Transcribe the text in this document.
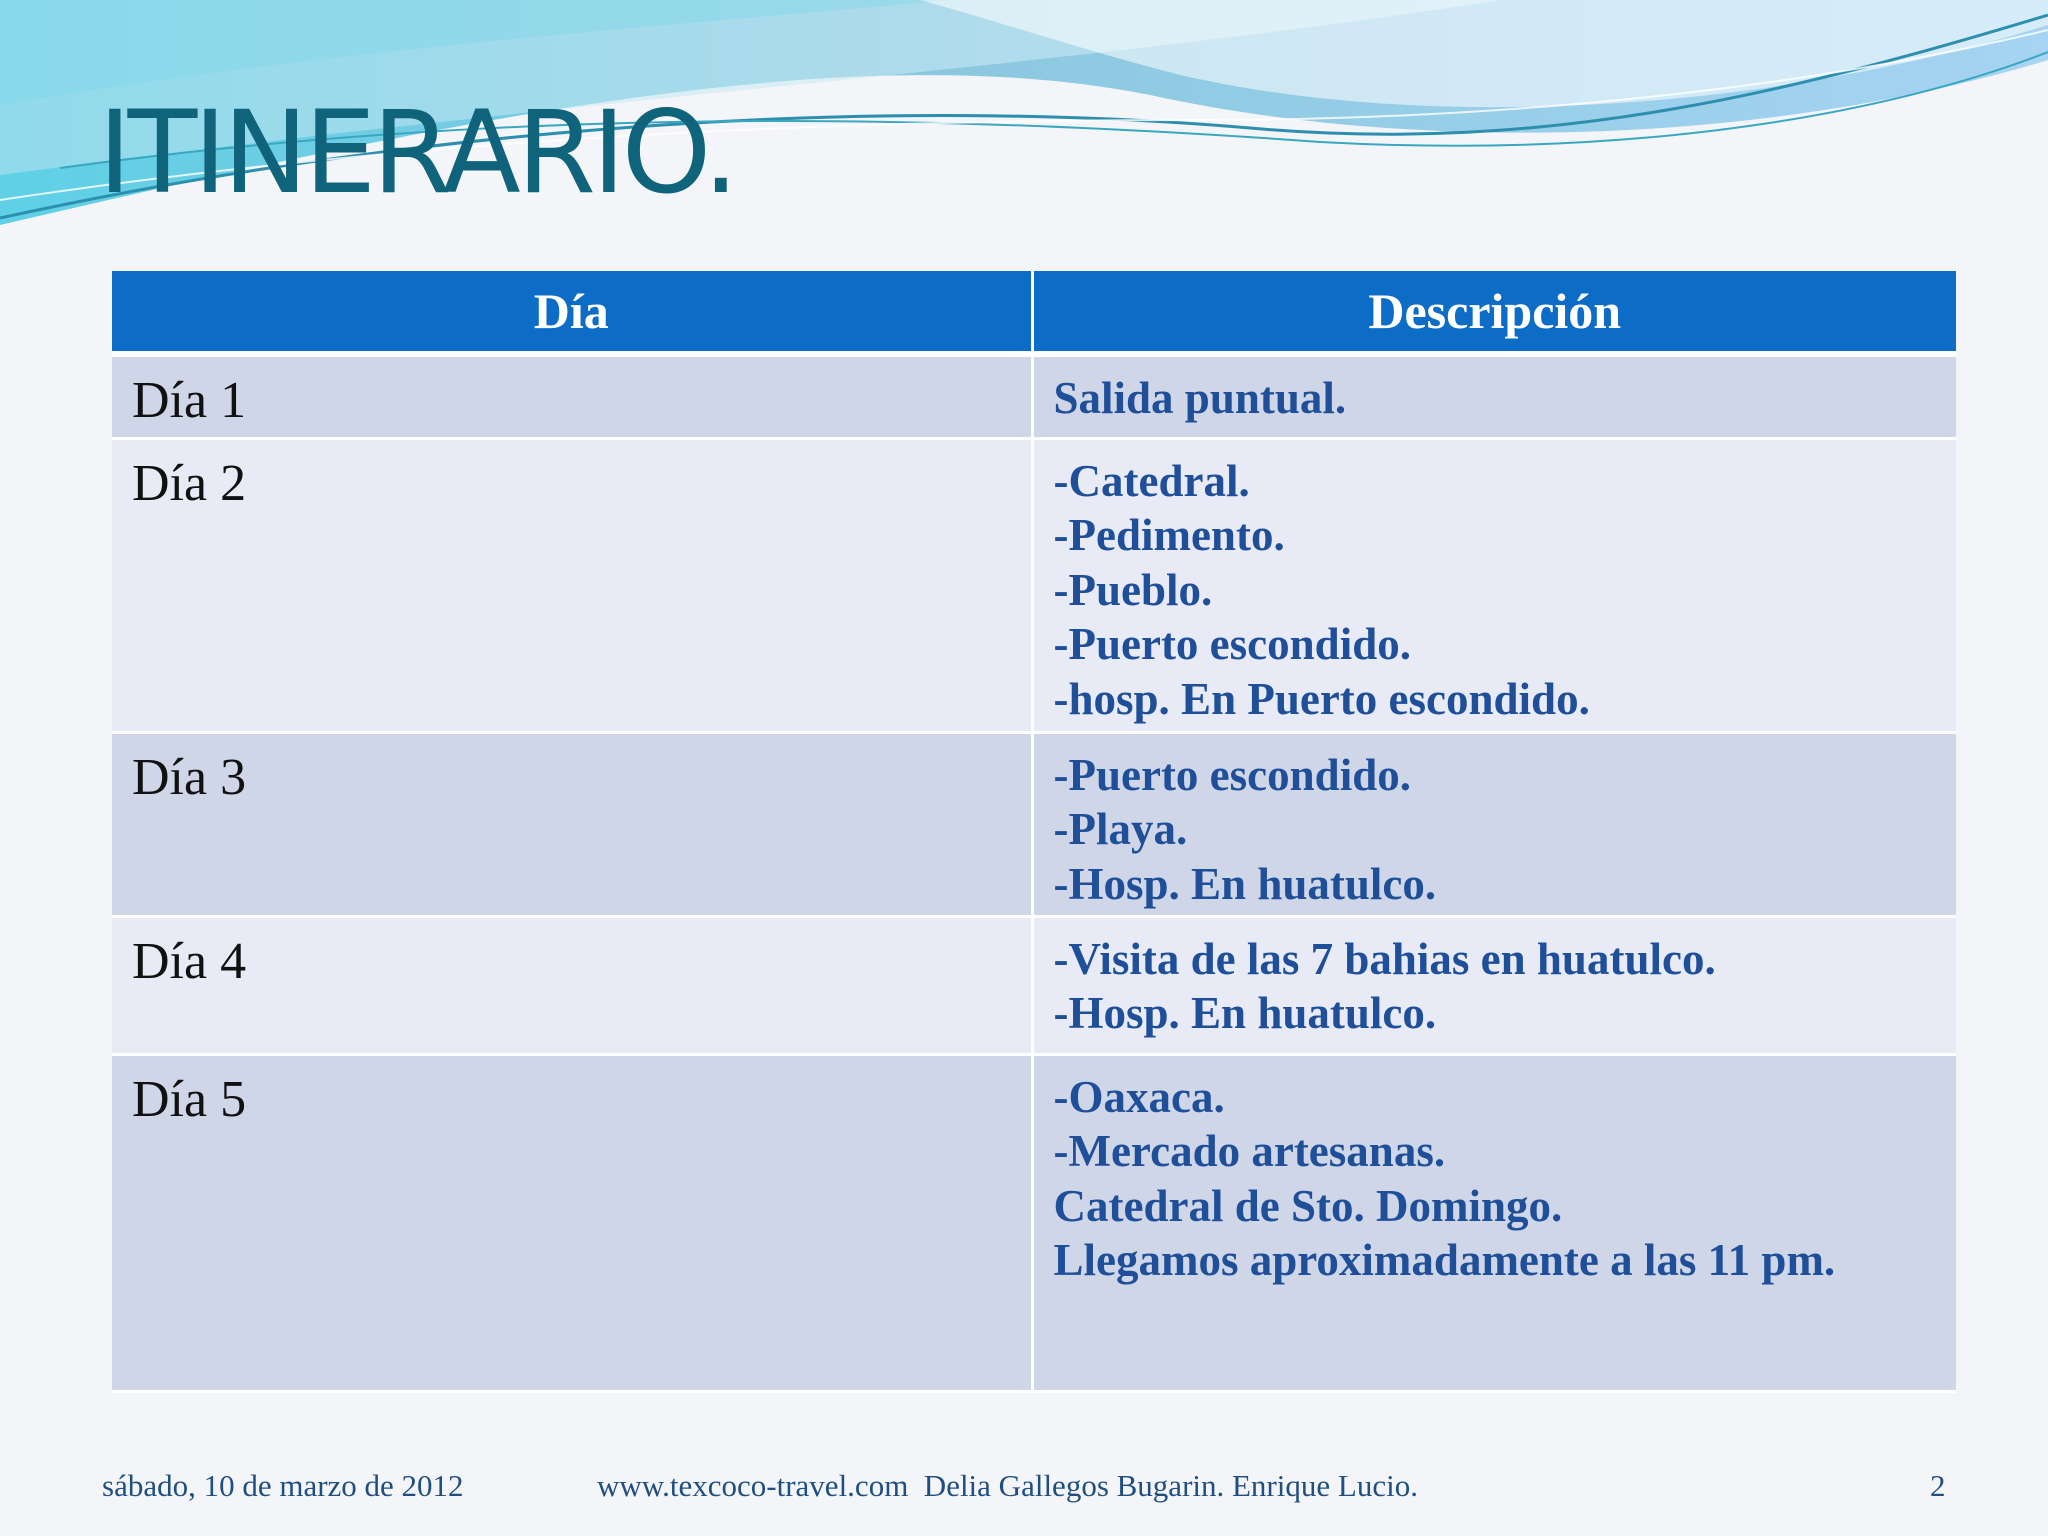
ITINERARIO.
Día	Descripción
Día 1	Salida puntual.

Día 2	-Catedral.
-Pedimento.
-Pueblo.
-Puerto escondido.
-hosp. En Puerto escondido.

Día 3	-Puerto escondido.
-Playa.
-Hosp. En huatulco.

Día 4	-Visita de las 7 bahias en huatulco.
-Hosp. En huatulco.

Día 5	-Oaxaca.
-Mercado artesanas.
Catedral de Sto. Domingo.
Llegamos aproximadamente a las 11 pm.
sábado, 10 de marzo de 2012	www.texcoco-travel.com  Delia Gallegos Bugarin. Enrique Lucio.	2
